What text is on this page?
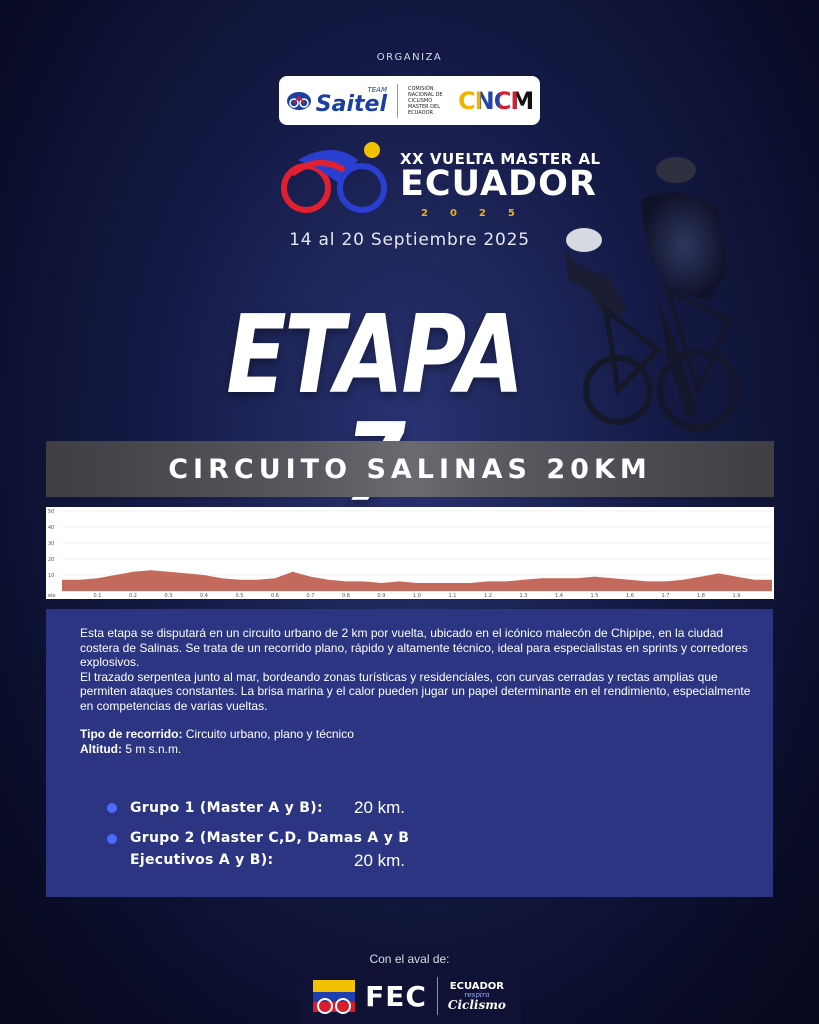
ORGANIZA
TEAM
Saitel
COMISIÓN NACIONAL DE CICLISMO MASTER DEL ECUADOR	CNCM
XX VUELTA MASTER AL
ECUADOR
2025
14 al 20 Septiembre 2025
ETAPA
CIRCUITO SALINAS 20KM
10
20
30
40
50
0.1	0.2	0.3	0.4	0.5	0.6	0.7	0.8	0.9	1.0	1.1	1.2	1.3	1.4	1.5	1.6	1.7	1.8	1.9
ele

Esta etapa se disputará en un circuito urbano de 2 km por vuelta, ubicado en el icónico malecón de Chipipe, en la ciudad costera de Salinas. Se trata de un recorrido plano, rápido y altamente técnico, ideal para especialistas en sprints y corredores explosivos.

El trazado serpentea junto al mar, bordeando zonas turísticas y residenciales, con curvas cerradas y rectas amplias que permiten ataques constantes. La brisa marina y el calor pueden jugar un papel determinante en el rendimiento, especialmente en competencias de varias vueltas.

Tipo de recorrido: Circuito urbano, plano y técnico
Altitud: 5 m s.n.m.
Grupo 1 (Master A y B): 20 km.
Grupo 2 (Master C,D, Damas A y B
Ejecutivos A y B):	20 km.
Con el aval de:
FEC ECUADOR
respira
Ciclismo
